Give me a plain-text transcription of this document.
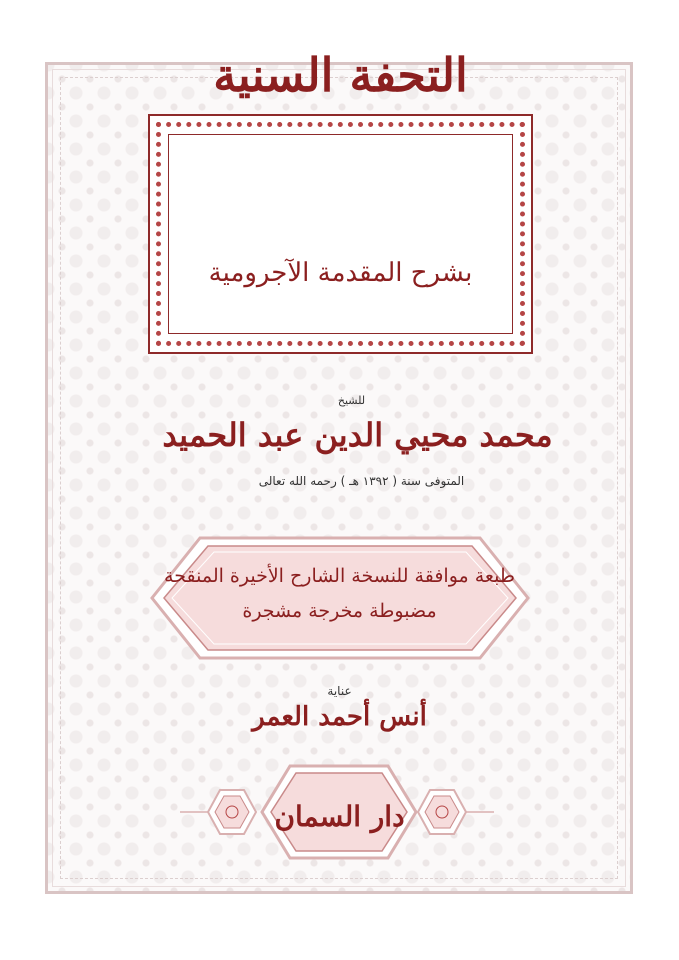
التحفة السنية
بشرح المقدمة الآجرومية
للشيخ
محمد محيي الدين عبد الحميد
المتوفى سنة ( ١٣٩٢ هـ ) رحمه الله تعالى
طبعة موافقة للنسخة الشارح الأخيرة المنقحة
مضبوطة مخرجة مشجرة
عناية
أنس أحمد العمر
دار السمان
